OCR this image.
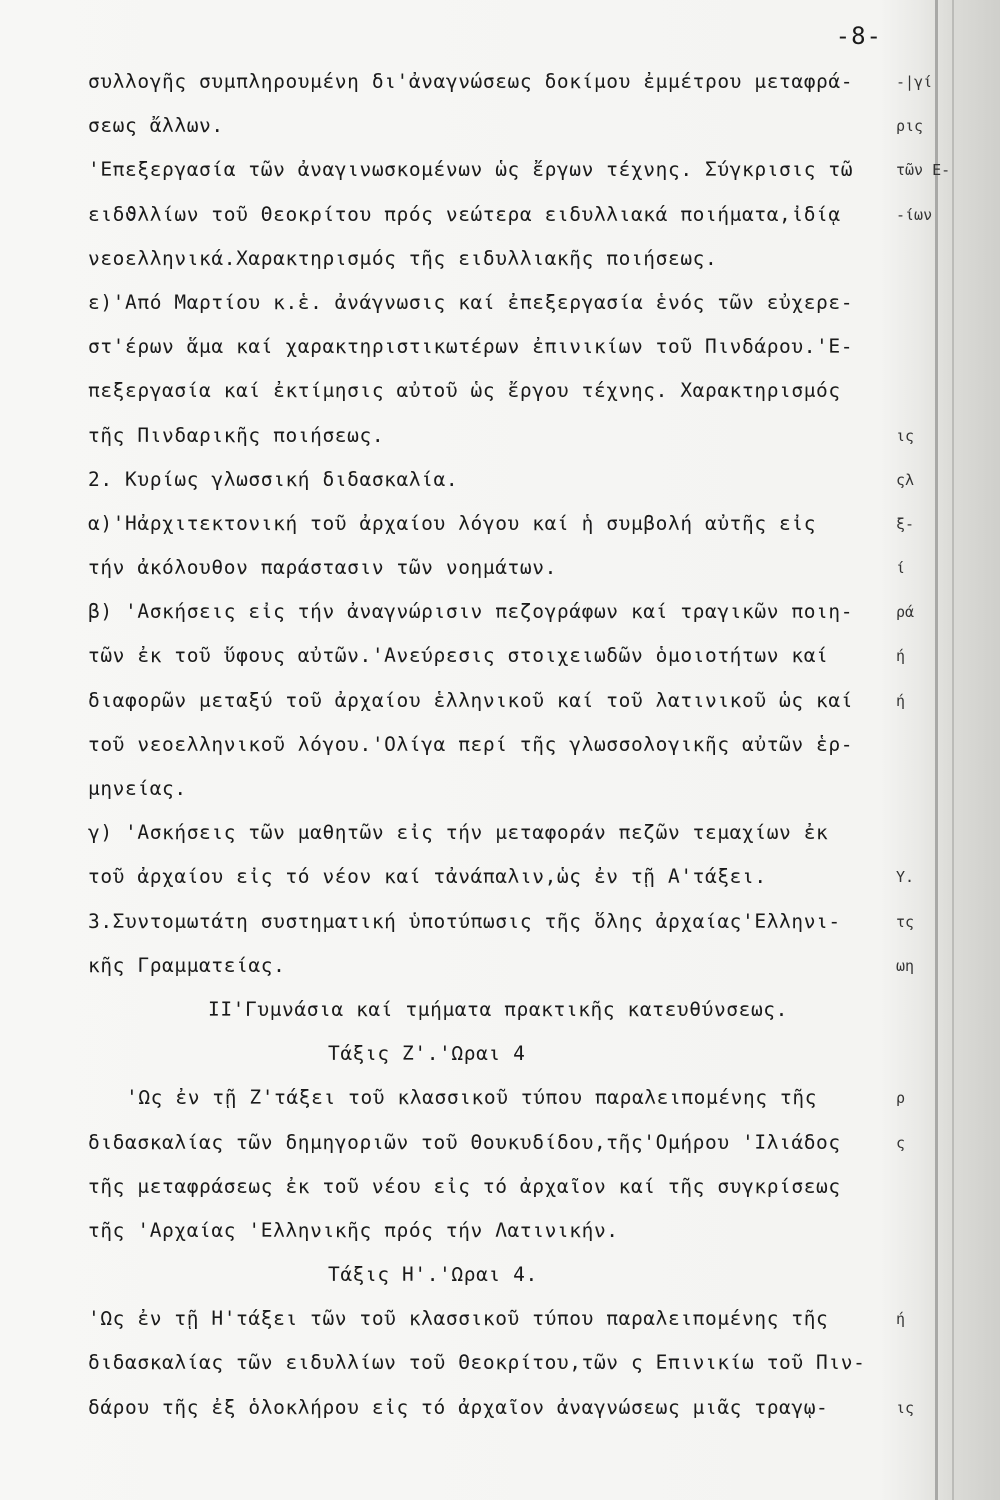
-8-
συλλογῆς συμπληρουμένη δι'ἀναγνώσεως δοκίμου ἐμμέτρου μεταφρά-
σεως ἄλλων.
'Επεξεργασία τῶν ἀναγινωσκομένων ὡς ἔργων τέχνης. Σύγκρισις τῶ
ειδϑλλίων τοῦ Θεοκρίτου πρός νεώτερα ειδυλλιακά ποιήματα,ἰδίᾳ
νεοελληνικά.Χαρακτηρισμός τῆς ειδυλλιακῆς ποιήσεως.
ε)'Από Μαρτίου κ.ἑ. ἀνάγνωσις καί ἐπεξεργασία ἑνός τῶν εὐχερε-
στ'έρων ἅμα καί χαρακτηριστικωτέρων ἐπινικίων τοῦ Πινδάρου.'Ε-
πεξεργασία καί ἐκτίμησις αὐτοῦ ὡς ἔργου τέχνης. Χαρακτηρισμός
τῆς Πινδαρικῆς ποιήσεως.
2. Κυρίως γλωσσική διδασκαλία.
α)'Ηἀρχιτεκτονική τοῦ ἀρχαίου λόγου καί ἡ συμβολή αὐτῆς εἰς
τήν ἀκόλουθον παράστασιν τῶν νοημάτων.
β) 'Ασκήσεις εἰς τήν ἀναγνώρισιν πεζογράφων καί τραγικῶν ποιη-
τῶν ἐκ τοῦ ὕφους αὐτῶν.'Ανεύρεσις στοιχειωδῶν ὁμοιοτήτων καί
διαφορῶν μεταξύ τοῦ ἀρχαίου ἑλληνικοῦ καί τοῦ λατινικοῦ ὡς καί
τοῦ νεοελληνικοῦ λόγου.'Ολίγα περί τῆς γλωσσολογικῆς αὐτῶν ἑρ-
μηνείας.
γ) 'Ασκήσεις τῶν μαθητῶν εἰς τήν μεταφοράν πεζῶν τεμαχίων ἐκ
τοῦ ἀρχαίου εἰς τό νέον καί τἀνάπαλιν,ὡς ἐν τῇ Α'τάξει.
3.Συντομωτάτη συστηματική ὑποτύπωσις τῆς ὅλης ἀρχαίας'Ελληνι-
κῆς Γραμματείας.
ΙΙ'Γυμνάσια καί τμήματα πρακτικῆς κατευθύνσεως.
Τάξις Ζ'.'Ωραι 4
'Ως ἐν τῇ Ζ'τάξει τοῦ κλασσικοῦ τύπου παραλειπομένης τῆς
διδασκαλίας τῶν δημηγοριῶν τοῦ Θουκυδίδου,τῆς'Ομήρου 'Ιλιάδος
τῆς μεταφράσεως ἐκ τοῦ νέου εἰς τό ἀρχαῖον καί τῆς συγκρίσεως
τῆς 'Αρχαίας 'Ελληνικῆς πρός τήν Λατινικήν.
Τάξις Η'.'Ωραι 4.
'Ως ἐν τῇ Η'τάξει τῶν τοῦ κλασσικοῦ τύπου παραλειπομένης τῆς
διδασκαλίας τῶν ειδυλλίων τοῦ Θεοκρίτου,τῶν ς Επινικίω τοῦ Πιν-
δάρου τῆς ἐξ ὁλοκλήρου εἰς τό ἀρχαῖον ἀναγνώσεως μιᾶς τραγῳ-
-|γί
ρις
τῶν Ε-
-ίων
ις
ςλ
ξ-
ί
ρά
ή
ή
Υ.
τς
ωη
ρ
ς
ή
ις
